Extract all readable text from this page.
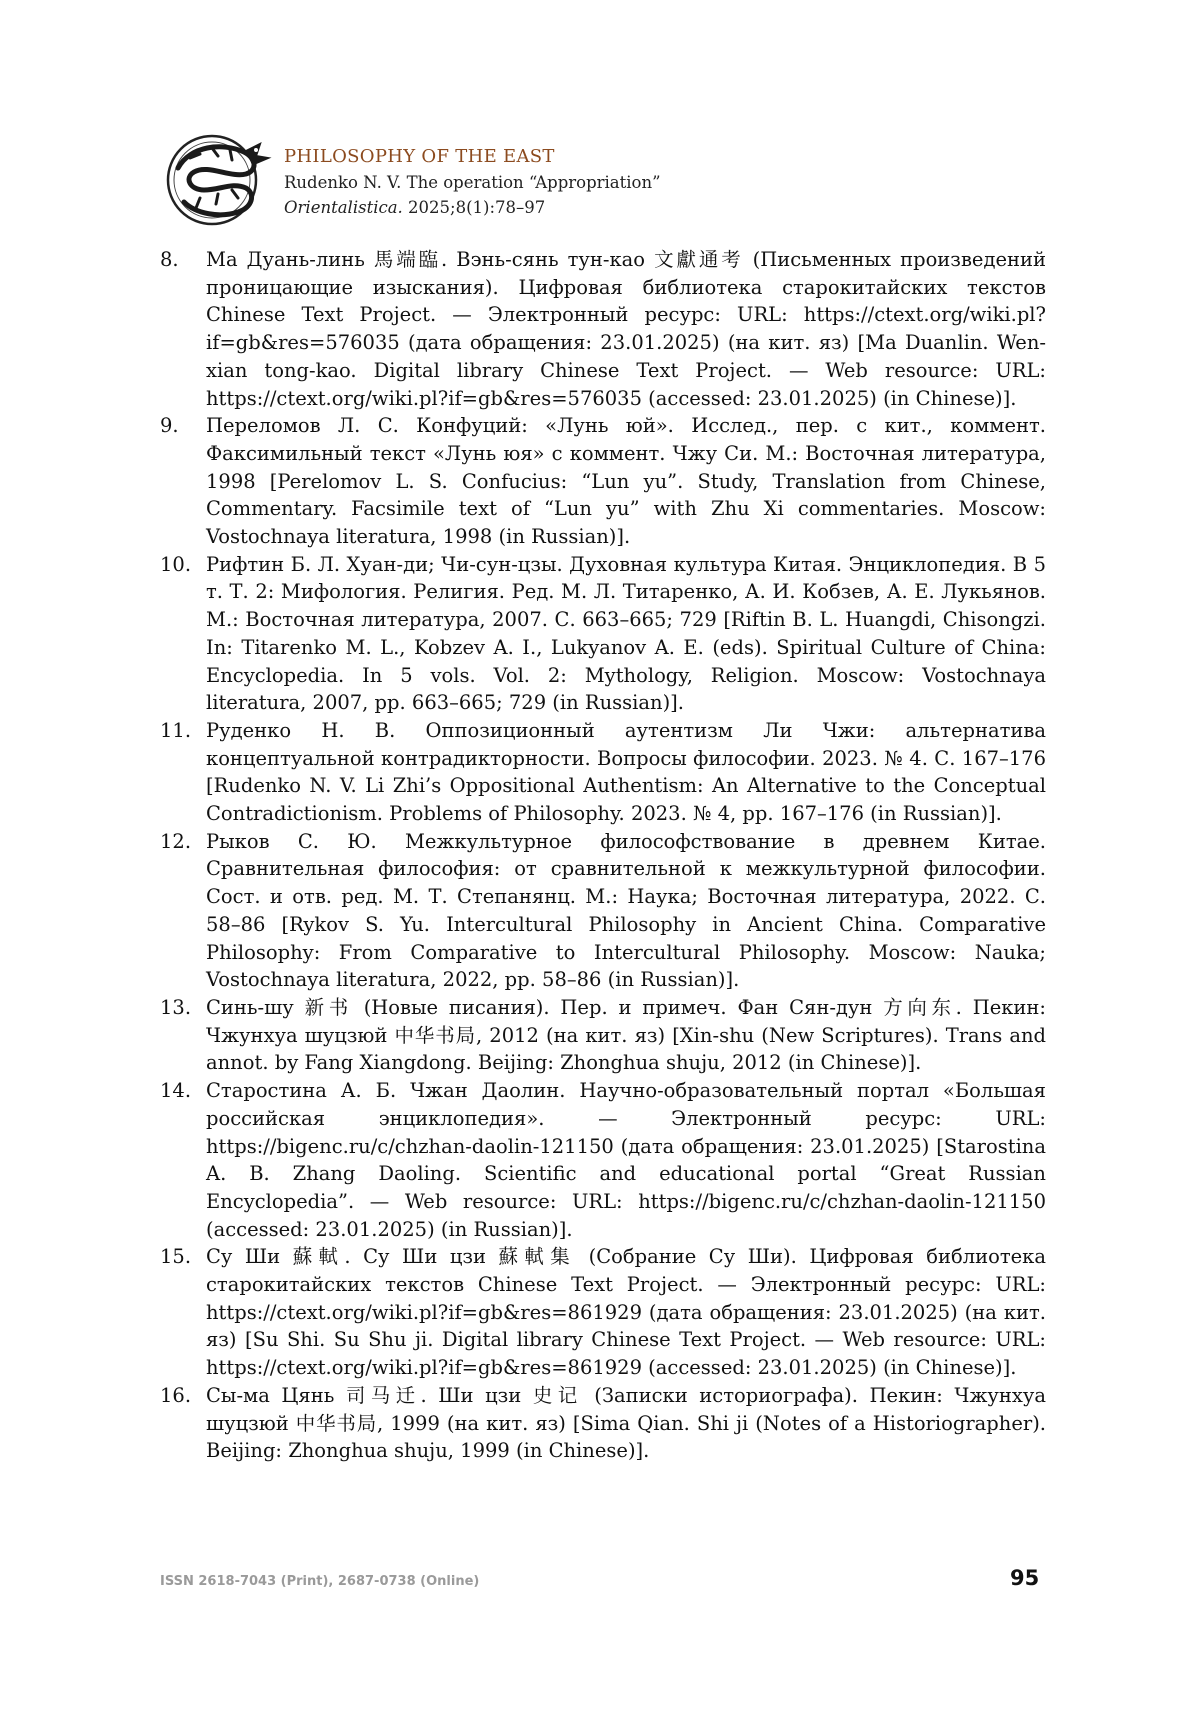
PHILOSOPHY OF THE EAST
Rudenko N. V. The operation “Appropriation”
Orientalistica. 2025;8(1):78–97
8.	Ма Дуань-линь 馬端臨. Вэнь-сянь тун-као 文獻通考 (Письменных произведений проницающие изыскания). Цифровая библиотека старокитайских текстов Chinese Text Project. — Электронный ресурс: URL: https://ctext.org/wiki.pl?if=gb&res=576035 (дата обращения: 23.01.2025) (на кит. яз) [Ma Duanlin. Wen-xian tong-kao. Digital library Chinese Text Project. — Web resource: URL: https://ctext.org/wiki.pl?if=gb&res=576035 (accessed: 23.01.2025) (in Chinese)].
9.	Переломов Л. С. Конфуций: «Лунь юй». Исслед., пер. с кит., коммент. Факсимильный текст «Лунь юя» с коммент. Чжу Си. М.: Восточная литература, 1998 [Perelomov L. S. Confucius: “Lun yu”. Study, Translation from Chinese, Commentary. Facsimile text of “Lun yu” with Zhu Xi commentaries. Moscow: Vostochnaya literatura, 1998 (in Russian)].
10. Рифтин Б. Л. Хуан-ди; Чи-сун-цзы. Духовная культура Китая. Энциклопедия. В 5 т. Т. 2: Мифология. Религия. Ред. М. Л. Титаренко, А. И. Кобзев, А. Е. Лукьянов. М.: Восточная литература, 2007. С. 663–665; 729 [Riftin B. L. Huangdi, Chisongzi. In: Titarenko M. L., Kobzev A. I., Lukyanov A. E. (eds). Spiritual Culture of China: Encyclopedia. In 5 vols. Vol. 2: Mythology, Religion. Moscow: Vostochnaya literatura, 2007, pp. 663–665; 729 (in Russian)].
11. Руденко Н. В. Оппозиционный аутентизм Ли Чжи: альтернатива концептуальной контрадикторности. Вопросы философии. 2023. № 4. С. 167–176 [Rudenko N. V. Li Zhi’s Oppositional Authentism: An Alternative to the Conceptual Contradictionism. Problems of Philosophy. 2023. № 4, pp. 167–176 (in Russian)].
12. Рыков С. Ю. Межкультурное философствование в древнем Китае. Сравнительная философия: от сравнительной к межкультурной философии. Сост. и отв. ред. М. Т. Степанянц. М.: Наука; Восточная литература, 2022. С. 58–86 [Rykov S. Yu. Intercultural Philosophy in Ancient China. Comparative Philosophy: From Comparative to Intercultural Philosophy. Moscow: Nauka; Vostochnaya literatura, 2022, pp. 58–86 (in Russian)].
13. Синь-шу 新书 (Новые писания). Пер. и примеч. Фан Сян-дун 方向东. Пекин: Чжунхуа шуцзюй 中华书局, 2012 (на кит. яз) [Xin-shu (New Scriptures). Trans and annot. by Fang Xiangdong. Beijing: Zhonghua shuju, 2012 (in Chinese)].
14. Старостина А. Б. Чжан Даолин. Научно-образовательный портал «Большая российская энциклопедия». — Электронный ресурс: URL: https://bigenc.ru/c/chzhan-daolin-121150 (дата обращения: 23.01.2025) [Starostina A. B. Zhang Daoling. Scientific and educational portal “Great Russian Encyclopedia”. — Web resource: URL: https://bigenc.ru/c/chzhan-daolin-121150 (accessed: 23.01.2025) (in Russian)].
15. Су Ши 蘇軾. Су Ши цзи 蘇軾集 (Собрание Су Ши). Цифровая библиотека старокитайских текстов Chinese Text Project. — Электронный ресурс: URL: https://ctext.org/wiki.pl?if=gb&res=861929 (дата обращения: 23.01.2025) (на кит. яз) [Su Shi. Su Shu ji. Digital library Chinese Text Project. — Web resource: URL: https://ctext.org/wiki.pl?if=gb&res=861929 (accessed: 23.01.2025) (in Chinese)].
16. Сы-ма Цянь 司马迁. Ши цзи 史记 (Записки историографа). Пекин: Чжунхуа шуцзюй 中华书局, 1999 (на кит. яз) [Sima Qian. Shi ji (Notes of a Historiographer). Beijing: Zhonghua shuju, 1999 (in Chinese)].
ISSN 2618-7043 (Print), 2687-0738 (Online)	95
